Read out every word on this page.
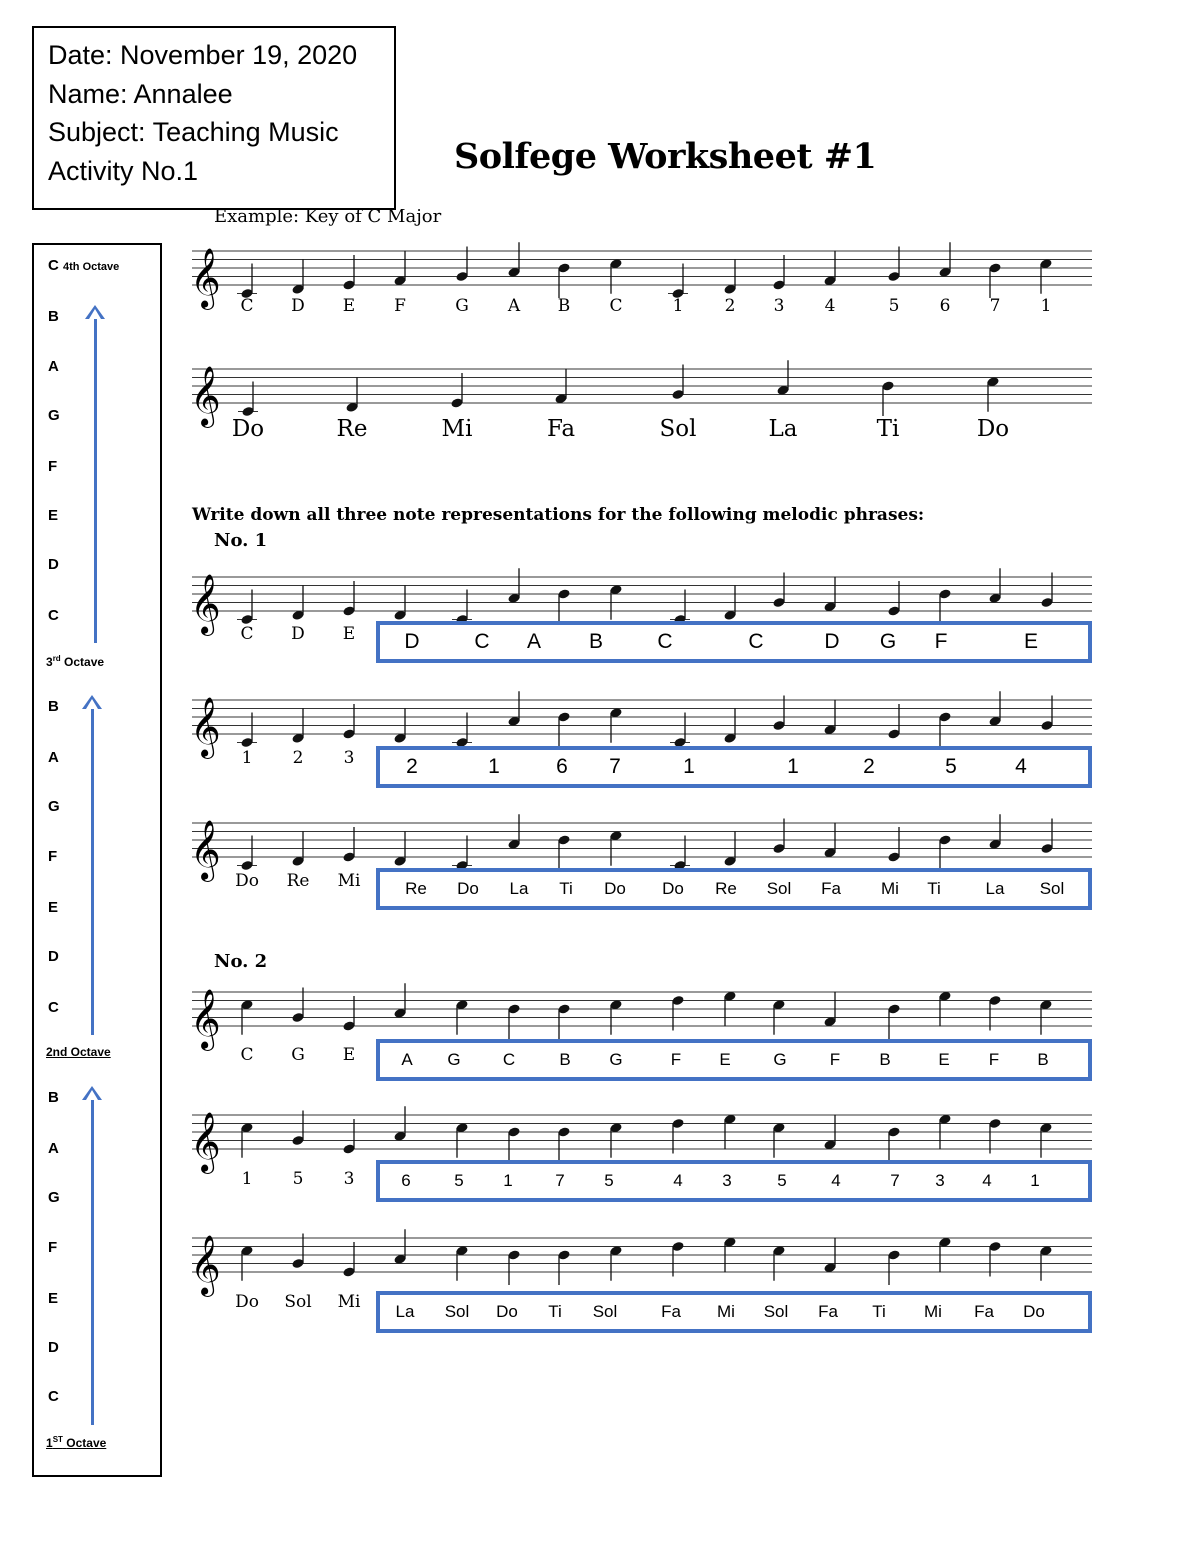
Date: November 19, 2020
Name: Annalee
Subject: Teaching Music
Activity No.1	Solfege Worksheet #1
Example: Key of C Major
Write down all three note representations for the following melodic phrases:
No. 1
No. 2
C 4th Octave
B
A
G
F
E
D
C
3rd Octave
B
A
G
F
E
D
C
2nd Octave
B
A
G
F
E
D
C
1ST Octave
𝄞 C D E F	G A B C	1 2 3 4	5 6 7 1
𝄞
Do	Re	Mi	Fa	Sol	La	Ti	Do
𝄞 C D E
𝄞
1 2 3
𝄞
Do Re Mi
𝄞
C G E
𝄞
1 5 3
𝄞
Do Sol Mi
D	C A B	C	C	D G F	E
2	1	6 7	1	1	2	5	4
Re Do La Ti Do Do Re Sol Fa Mi Ti	La Sol
A G C	B G	F E	G	F B	E F B
6	5 1	7 5	4 3	5	4	7 3 4 1
La Sol Do Ti Sol	Fa Mi Sol Fa Ti Mi Fa Do
